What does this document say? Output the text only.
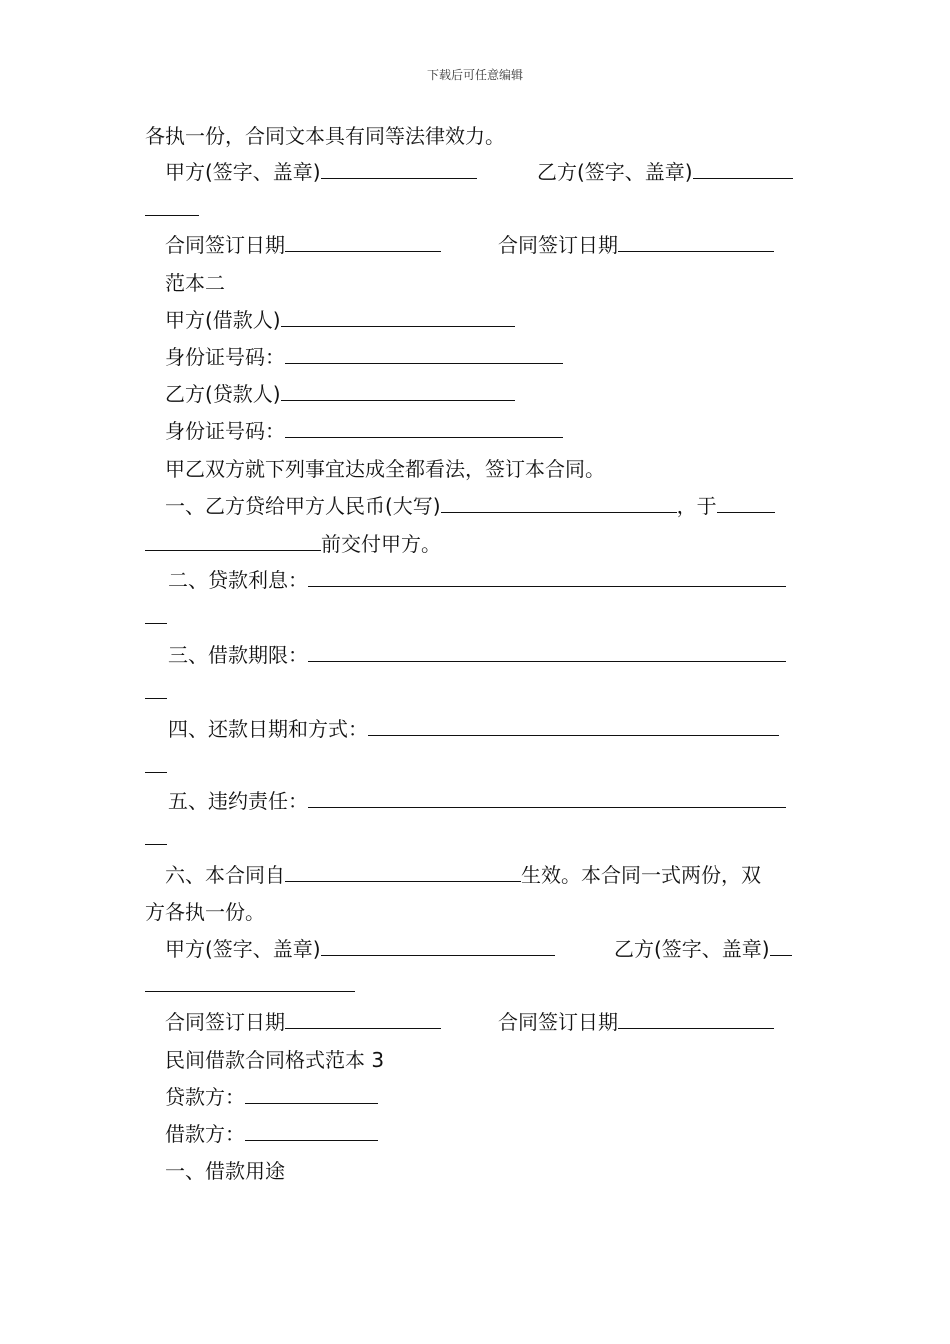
下载后可任意编辑
各执一份，合同文本具有同等法律效力。
甲方(签字、盖章)	乙方(签字、盖章)
合同签订日期	合同签订日期
范本二
甲方(借款人)
身份证号码：
乙方(贷款人)
身份证号码：
甲乙双方就下列事宜达成全都看法，签订本合同。
一、乙方贷给甲方人民币(大写)	，于
前交付甲方。
二、贷款利息：
三、借款期限：
四、还款日期和方式：
五、违约责任：
六、本合同自	生效。本合同一式两份，双
方各执一份。
甲方(签字、盖章)	乙方(签字、盖章)
合同签订日期	合同签订日期
民间借款合同格式范本 3
贷款方：
借款方：
一、借款用途
